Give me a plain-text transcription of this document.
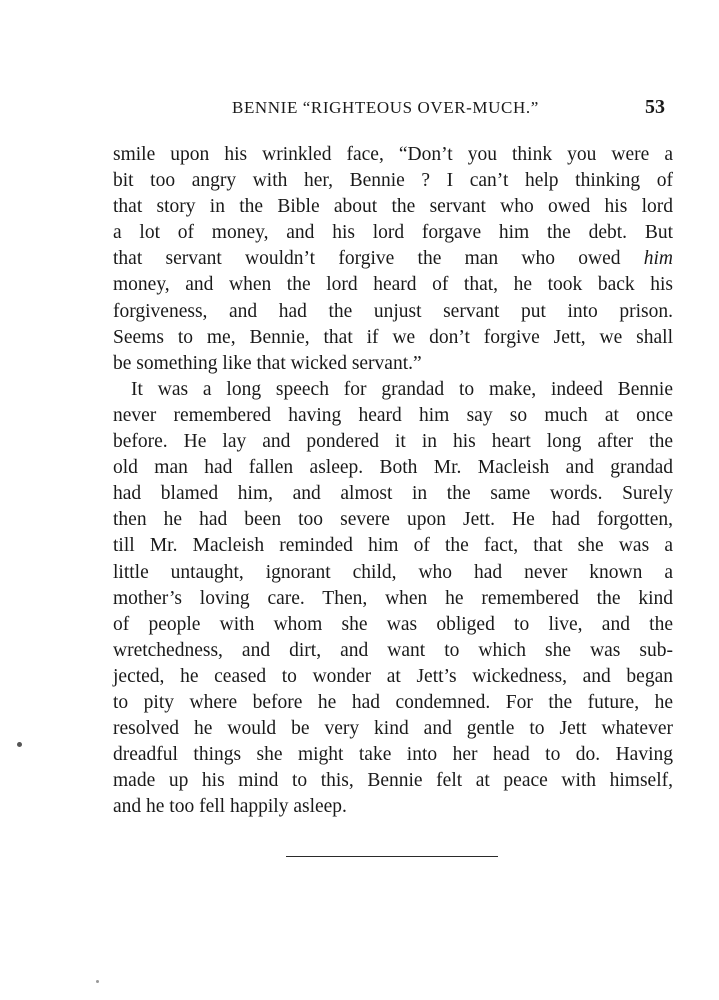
BENNIE “RIGHTEOUS OVER-MUCH.”	53
smile upon his wrinkled face, “Don’t you think you were a
bit too angry with her, Bennie ? I can’t help thinking of
that story in the Bible about the servant who owed his lord
a lot of money, and his lord forgave him the debt. But
that servant wouldn’t forgive the man who owed him
money, and when the lord heard of that, he took back his
forgiveness, and had the unjust servant put into prison.
Seems to me, Bennie, that if we don’t forgive Jett, we shall
be something like that wicked servant.”
It was a long speech for grandad to make, indeed Bennie
never remembered having heard him say so much at once
before. He lay and pondered it in his heart long after the
old man had fallen asleep. Both Mr. Macleish and grandad
had blamed him, and almost in the same words. Surely
then he had been too severe upon Jett. He had forgotten,
till Mr. Macleish reminded him of the fact, that she was a
little untaught, ignorant child, who had never known a
mother’s loving care. Then, when he remembered the kind
of people with whom she was obliged to live, and the
wretchedness, and dirt, and want to which she was sub-
jected, he ceased to wonder at Jett’s wickedness, and began
to pity where before he had condemned. For the future, he
resolved he would be very kind and gentle to Jett whatever
dreadful things she might take into her head to do. Having
made up his mind to this, Bennie felt at peace with himself,
and he too fell happily asleep.
